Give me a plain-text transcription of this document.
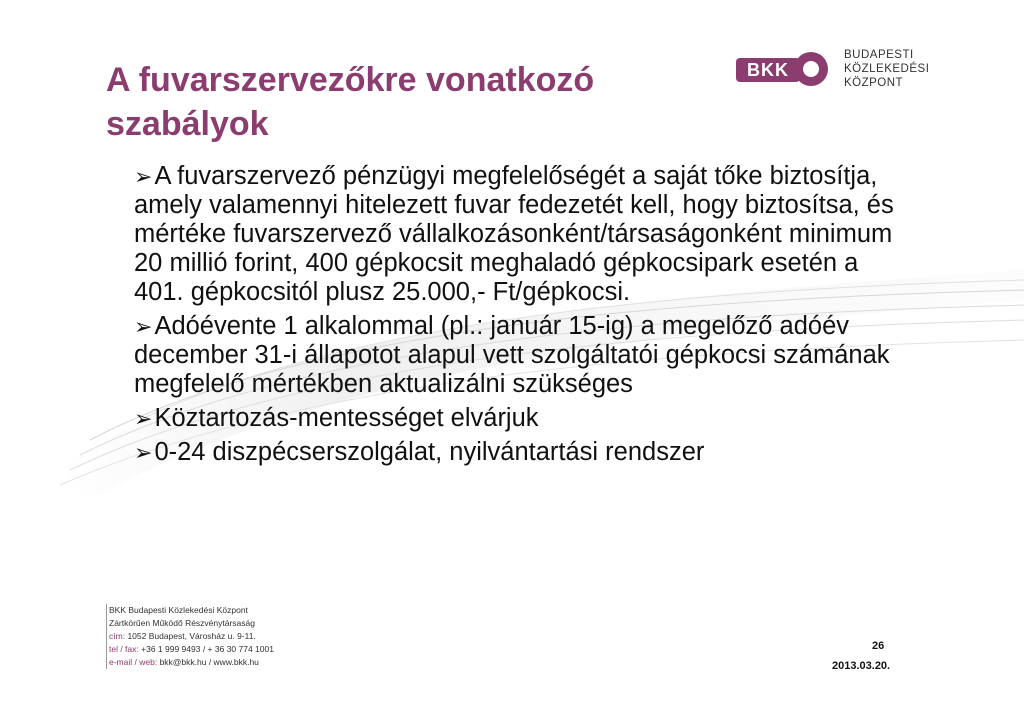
A fuvarszervezőkre vonatkozó
szabályok
BKK
BUDAPESTI
KÖZLEKEDÉSI
KÖZPONT
➢A fuvarszervező pénzügyi megfelelőségét a saját tőke biztosítja, amely valamennyi hitelezett fuvar fedezetét kell, hogy biztosítsa, és mértéke fuvarszervező vállalkozásonként/társaságonként minimum 20 millió forint, 400 gépkocsit meghaladó gépkocsipark esetén a 401. gépkocsitól plusz 25.000,- Ft/gépkocsi.
➢Adóévente 1 alkalommal (pl.: január 15-ig) a megelőző adóév december 31-i állapotot alapul vett szolgáltatói gépkocsi számának megfelelő mértékben aktualizálni szükséges
➢Köztartozás-mentességet elvárjuk
➢0-24 diszpécserszolgálat, nyilvántartási rendszer
BKK Budapesti Közlekedési Központ
Zártkörűen Működő Részvénytársaság
cím: 1052 Budapest, Városház u. 9-11.
tel / fax: +36 1 999 9493 / + 36 30 774 1001
e-mail / web: bkk@bkk.hu / www.bkk.hu
26
2013.03.20.
